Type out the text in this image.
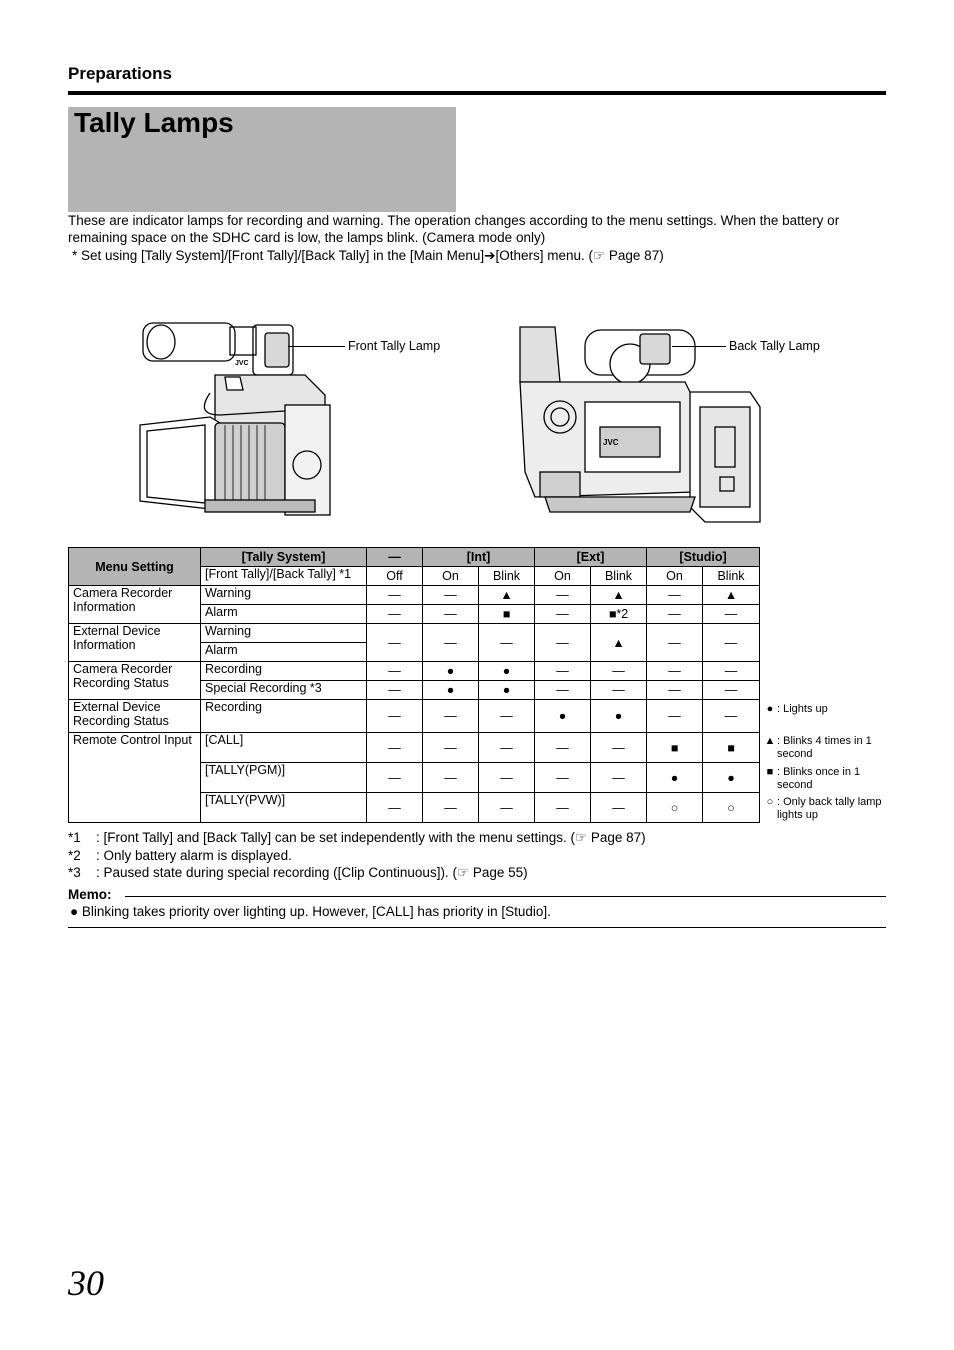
Preparations
Tally Lamps
These are indicator lamps for recording and warning. The operation changes according to the menu settings. When the battery or remaining space on the SDHC card is low, the lamps blink. (Camera mode only)
* Set using [Tally System]/[Front Tally]/[Back Tally] in the [Main Menu]➔[Others] menu. (☞ Page 87)
JVC
Front Tally Lamp
JVC
Back Tally Lamp
Menu Setting	[Tally System]	—	[Int]		[Ext]		[Studio]	
	[Front Tally]/[Back Tally] *1	Off	On	Blink	On	Blink	On	Blink
Camera Recorder Information	Warning	—	—	▲	—	▲	—	▲
	Alarm	—	—	■	—	■*2	—	—
External Device Information	Warning	—	—	—	—	▲	—	—
	Alarm							
Camera Recorder Recording Status	Recording	—	●	●	—	—	—	—
	Special Recording *3	—	●	●	—	—	—	—
External Device Recording Status	Recording	—	—	—	●	●	—	—
Remote Control Input	[CALL]	—	—	—	—	—	■	■
	[TALLY(PGM)]	—	—	—	—	—	●	●
	[TALLY(PVW)]	—	—	—	—	—	○	○
● : Lights up
▲ : Blinks 4 times in 1 second
■ : Blinks once in 1 second
○ : Only back tally lamp lights up
*1 : [Front Tally] and [Back Tally] can be set independently with the menu settings. (☞ Page 87)
*2 : Only battery alarm is displayed.
*3 : Paused state during special recording ([Clip Continuous]). (☞ Page 55)
Memo:
● Blinking takes priority over lighting up. However, [CALL] has priority in [Studio].
30
